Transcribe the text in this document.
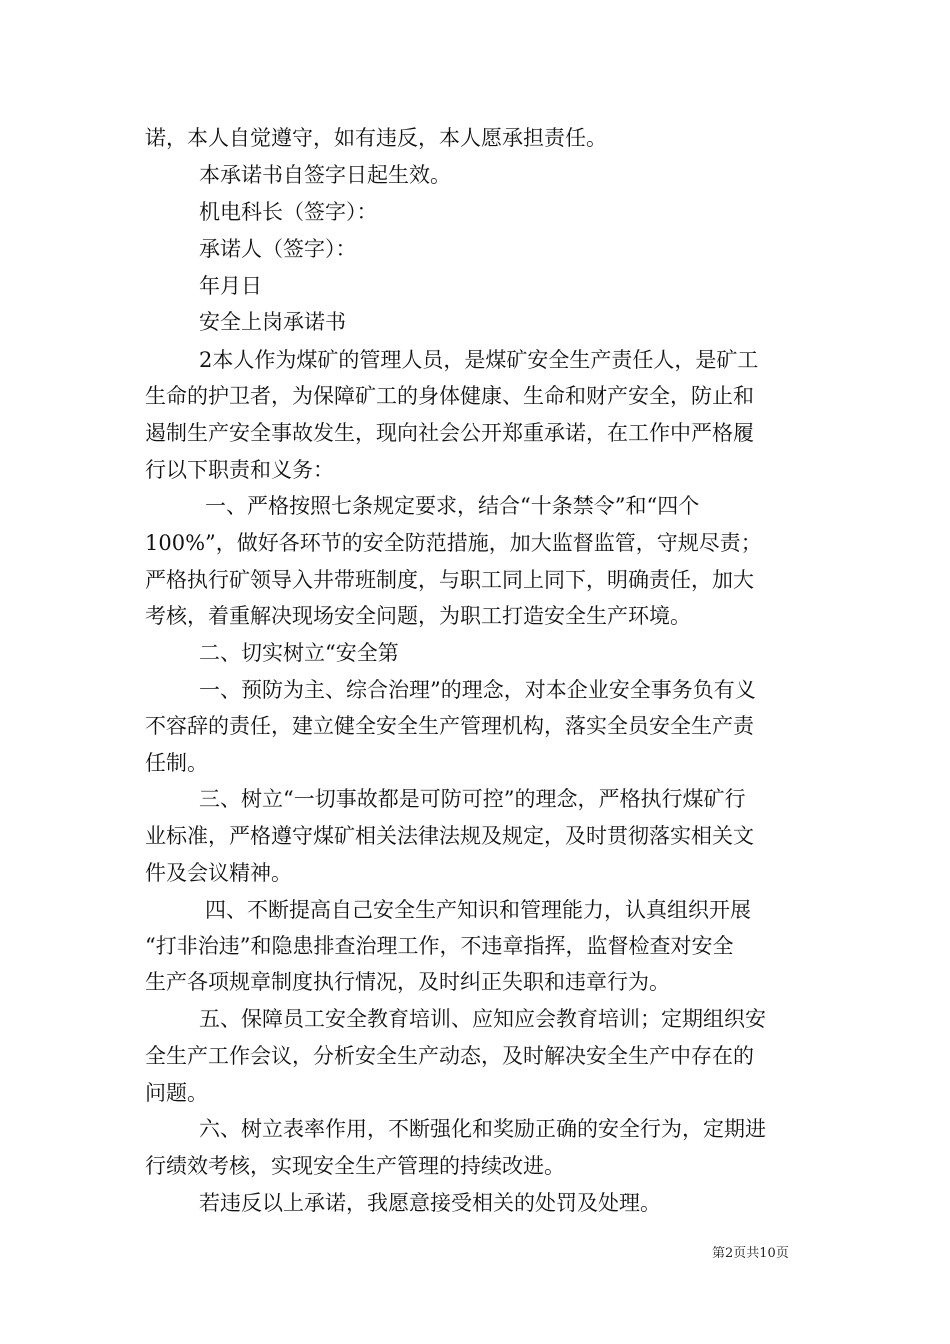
诺，本人自觉遵守，如有违反，本人愿承担责任。
本承诺书自签字日起生效。
机电科长（签字）：
承诺人（签字）：
年月日
安全上岗承诺书
2本人作为煤矿的管理人员，是煤矿安全生产责任人，是矿工
生命的护卫者，为保障矿工的身体健康、生命和财产安全，防止和
遏制生产安全事故发生，现向社会公开郑重承诺，在工作中严格履
行以下职责和义务：
一、严格按照七条规定要求，结合“十条禁令”和“四个
100%”，做好各环节的安全防范措施，加大监督监管，守规尽责；
严格执行矿领导入井带班制度，与职工同上同下，明确责任，加大
考核，着重解决现场安全问题，为职工打造安全生产环境。
二、切实树立“安全第
一、预防为主、综合治理”的理念，对本企业安全事务负有义
不容辞的责任，建立健全安全生产管理机构，落实全员安全生产责
任制。
三、树立“一切事故都是可防可控”的理念，严格执行煤矿行
业标准，严格遵守煤矿相关法律法规及规定，及时贯彻落实相关文
件及会议精神。
四、不断提高自己安全生产知识和管理能力，认真组织开展
“打非治违”和隐患排查治理工作，不违章指挥，监督检查对安全
生产各项规章制度执行情况，及时纠正失职和违章行为。
五、保障员工安全教育培训、应知应会教育培训；定期组织安
全生产工作会议，分析安全生产动态，及时解决安全生产中存在的
问题。
六、树立表率作用，不断强化和奖励正确的安全行为，定期进
行绩效考核，实现安全生产管理的持续改进。
若违反以上承诺，我愿意接受相关的处罚及处理。
第2页共10页
